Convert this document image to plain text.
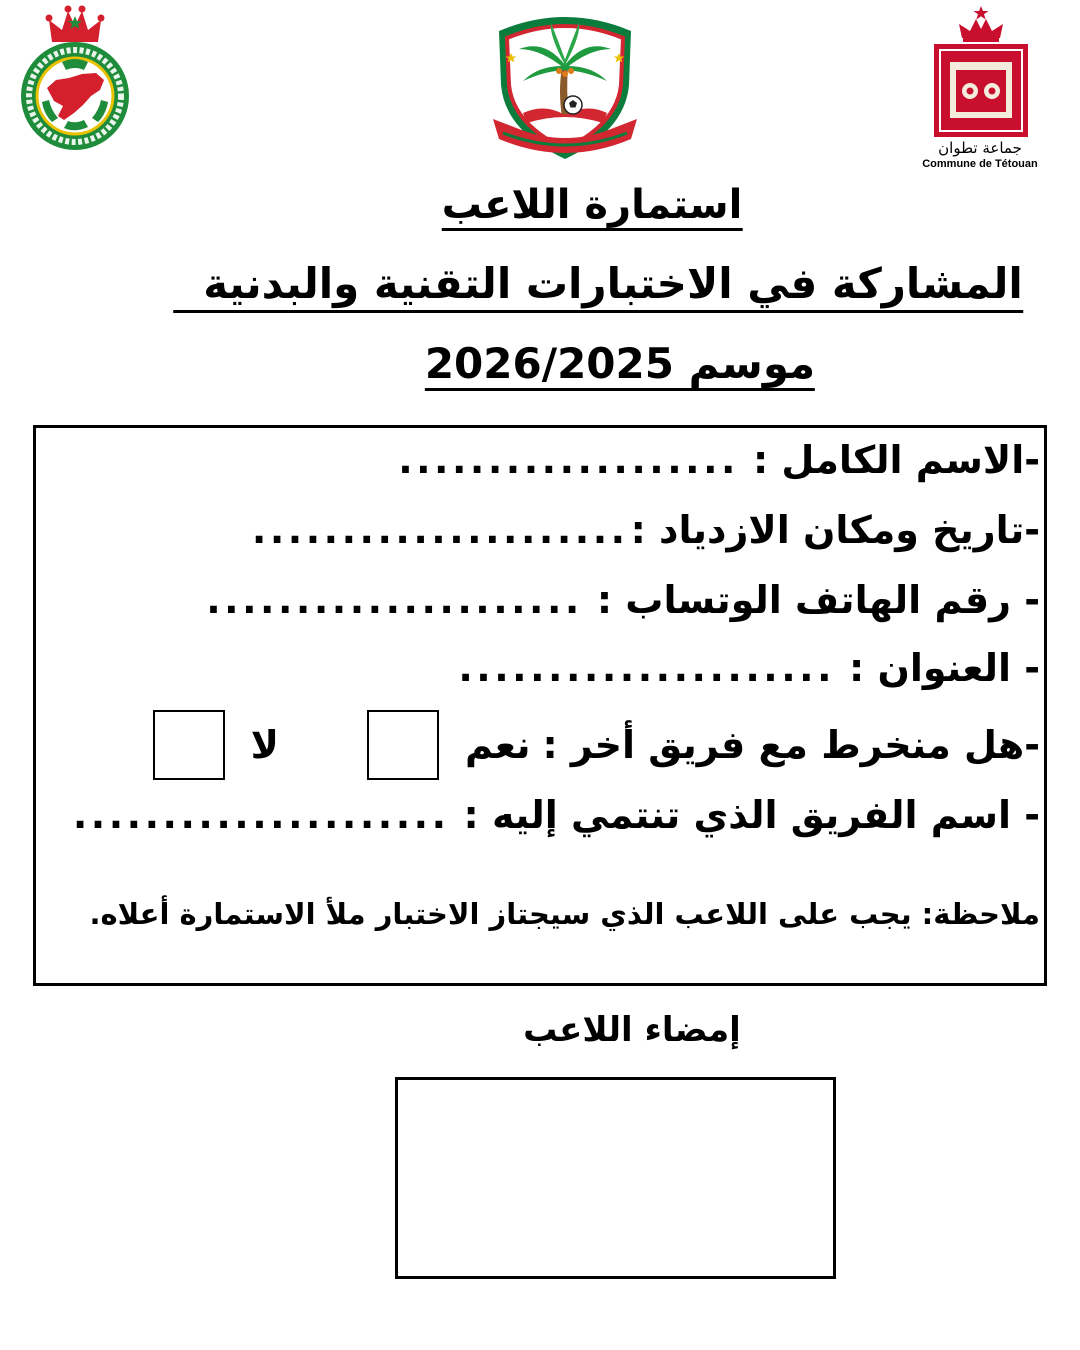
جماعة تطوان
Commune de Tétouan
استمارة اللاعب
المشاركة في الاختبارات التقنية والبدنية
موسم 2026/2025
-الاسم الكامل :
...................
-تاريخ ومكان الازدياد :
.....................
- رقم الهاتف الوتساب :
.....................
- العنوان :
.....................
-هل منخرط مع فريق أخر :
نعم
لا
- اسم الفريق الذي تنتمي إليه :
.....................
ملاحظة: يجب على اللاعب الذي سيجتاز الاختبار ملأ الاستمارة أعلاه.
إمضاء اللاعب
